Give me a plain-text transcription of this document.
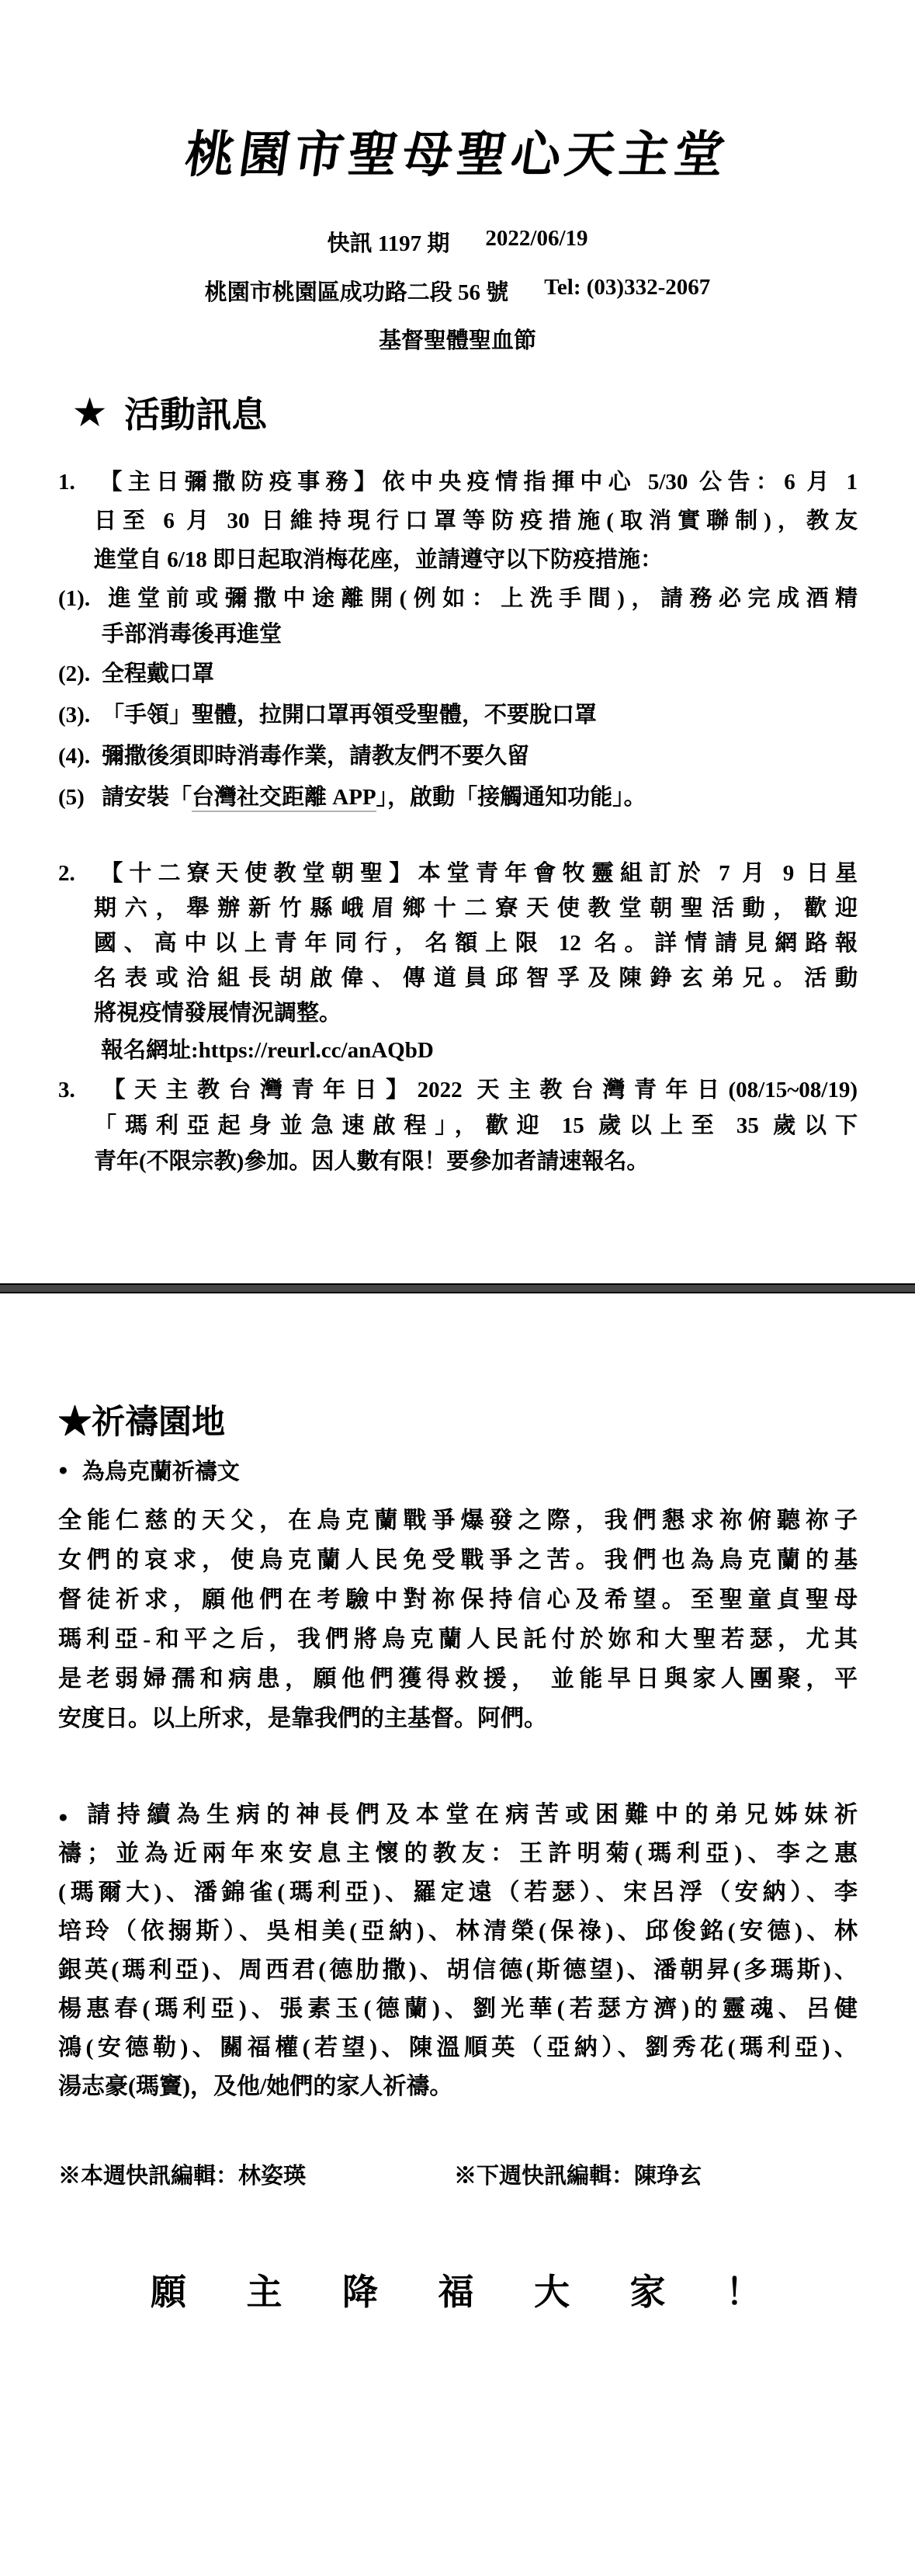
桃園市聖母聖心天主堂
快訊 1197 期 2022/06/19
桃園市桃園區成功路二段 56 號 Tel: (03)332-2067
基督聖體聖血節
★ 活動訊息
1. 【主日彌撒防疫事務】依中央疫情指揮中心 5/30 公告：6 月 1
日至 6 月 30 日維持現行口罩等防疫措施(取消實聯制)，教友
進堂自 6/18 即日起取消梅花座，並請遵守以下防疫措施：
(1). 進堂前或彌撒中途離開(例如：上洗手間)，請務必完成酒精
手部消毒後再進堂
(2). 全程戴口罩
(3). 「手領」聖體，拉開口罩再領受聖體，不要脫口罩
(4). 彌撒後須即時消毒作業，請教友們不要久留
(5) 請安裝「台灣社交距離 APP」，啟動「接觸通知功能」。
2. 【十二寮天使教堂朝聖】本堂青年會牧靈組訂於 7 月 9 日星
期六，舉辦新竹縣峨眉鄉十二寮天使教堂朝聖活動，歡迎
國、高中以上青年同行，名額上限 12 名。詳情請見網路報
名表或洽組長胡啟偉、傳道員邱智孚及陳錚玄弟兄。活動
將視疫情發展情況調整。
報名網址:https://reurl.cc/anAQbD
3. 【天主教台灣青年日】2022 天主教台灣青年日(08/15~08/19)
「瑪利亞起身並急速啟程」，歡迎 15 歲以上至 35 歲以下
青年(不限宗教)參加。因人數有限！要參加者請速報名。
★祈禱園地
● 為烏克蘭祈禱文
全能仁慈的天父，在烏克蘭戰爭爆發之際，我們懇求祢俯聽祢子
女們的哀求，使烏克蘭人民免受戰爭之苦。我們也為烏克蘭的基
督徒祈求，願他們在考驗中對祢保持信心及希望。至聖童貞聖母
瑪利亞-和平之后，我們將烏克蘭人民託付於妳和大聖若瑟，尤其
是老弱婦孺和病患，願他們獲得救援， 並能早日與家人團聚，平
安度日。以上所求，是靠我們的主基督。阿們。
● 請持續為生病的神長們及本堂在病苦或困難中的弟兄姊妹祈
禱；並為近兩年來安息主懷的教友：王許明菊(瑪利亞)、李之惠
(瑪爾大)、潘錦雀(瑪利亞)、羅定遠（若瑟）、宋呂浮（安納）、李
培玲（依搦斯）、吳相美(亞納)、林清榮(保祿)、邱俊銘(安德)、林
銀英(瑪利亞)、周西君(德肋撒)、胡信德(斯德望)、潘朝昇(多瑪斯)、
楊惠春(瑪利亞)、張素玉(德蘭)、劉光華(若瑟方濟)的靈魂、呂健
鴻(安德勒)、關福權(若望)、陳溫順英（亞納）、劉秀花(瑪利亞)、
湯志豪(瑪竇)，及他/她們的家人祈禱。
※本週快訊編輯：林姿瑛	※下週快訊編輯：陳琤玄
願 主 降 福 大 家 ！
